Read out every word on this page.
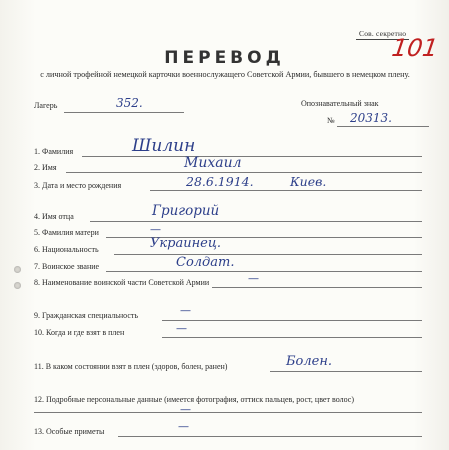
Сов. секретно
101
ПЕРЕВОД
с личной трофейной немецкой карточки военнослужащего Советской Армии, бывшего в немецком плену.
Лагерь	352.	Опознавательный знак
№ 20313.
1. Фамилия	Шилин
2. Имя	Михаил
3. Дата и место рождения	28.6.1914.	Киев.
4. Имя отца	Григорий
5. Фамилия матери	—
6. Национальность	Украинец.
7. Воинское звание	Солдат.
8. Наименование воинской части Советской Армии	—
9. Гражданская специальность	—
10. Когда и где взят в плен	—
11. В каком состоянии взят в плен (здоров, болен, ранен)	Болен.
12. Подробные персональные данные (имеется фотография, оттиск пальцев, рост, цвет волос)
—
13. Особые приметы	—
